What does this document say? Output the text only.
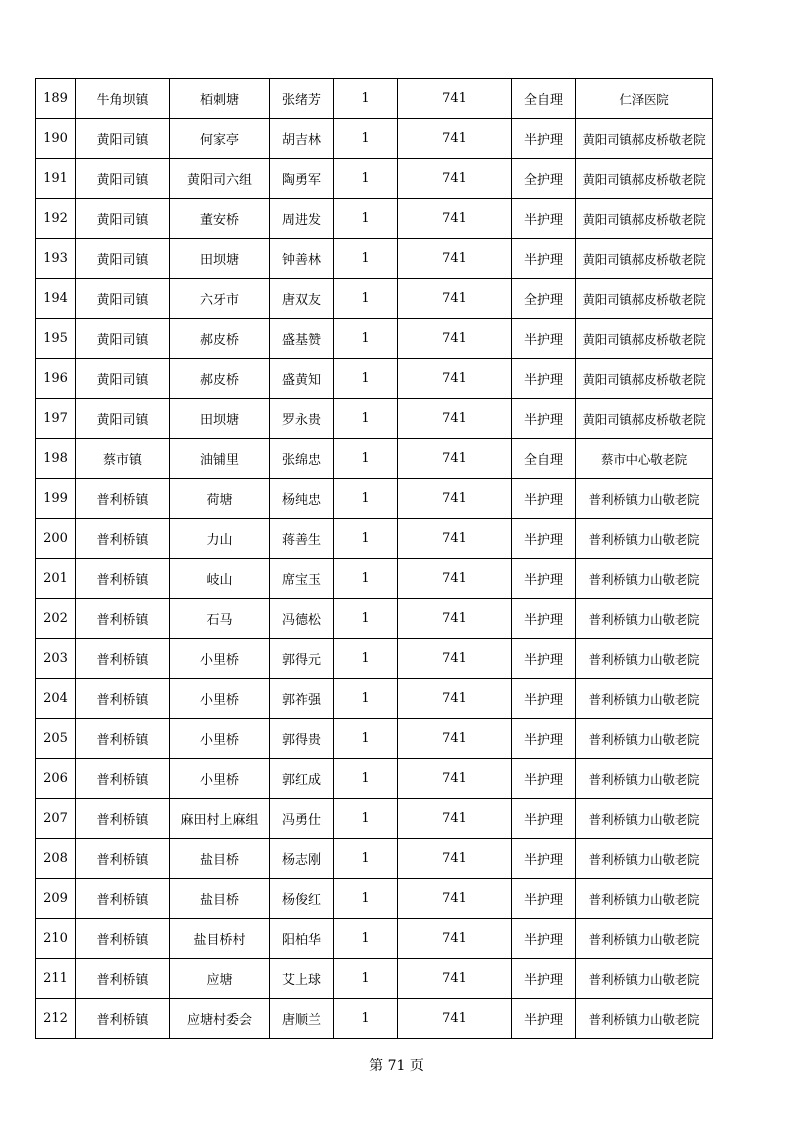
189	牛角坝镇	栢刺塘	张绪芳	1	741	全自理	仁泽医院
190	黄阳司镇	何家亭	胡吉林	1	741	半护理	黄阳司镇郝皮桥敬老院
191	黄阳司镇	黄阳司六组	陶勇军	1	741	全护理	黄阳司镇郝皮桥敬老院
192	黄阳司镇	董安桥	周进发	1	741	半护理	黄阳司镇郝皮桥敬老院
193	黄阳司镇	田坝塘	钟善林	1	741	半护理	黄阳司镇郝皮桥敬老院
194	黄阳司镇	六牙市	唐双友	1	741	全护理	黄阳司镇郝皮桥敬老院
195	黄阳司镇	郝皮桥	盛基赞	1	741	半护理	黄阳司镇郝皮桥敬老院
196	黄阳司镇	郝皮桥	盛黄知	1	741	半护理	黄阳司镇郝皮桥敬老院
197	黄阳司镇	田坝塘	罗永贵	1	741	半护理	黄阳司镇郝皮桥敬老院
198	蔡市镇	油铺里	张绵忠	1	741	全自理	蔡市中心敬老院
199	普利桥镇	荷塘	杨纯忠	1	741	半护理	普利桥镇力山敬老院
200	普利桥镇	力山	蒋善生	1	741	半护理	普利桥镇力山敬老院
201	普利桥镇	岐山	席宝玉	1	741	半护理	普利桥镇力山敬老院
202	普利桥镇	石马	冯德松	1	741	半护理	普利桥镇力山敬老院
203	普利桥镇	小里桥	郭得元	1	741	半护理	普利桥镇力山敬老院
204	普利桥镇	小里桥	郭祚强	1	741	半护理	普利桥镇力山敬老院
205	普利桥镇	小里桥	郭得贵	1	741	半护理	普利桥镇力山敬老院
206	普利桥镇	小里桥	郭红成	1	741	半护理	普利桥镇力山敬老院
207	普利桥镇	麻田村上麻组	冯勇仕	1	741	半护理	普利桥镇力山敬老院
208	普利桥镇	盐目桥	杨志刚	1	741	半护理	普利桥镇力山敬老院
209	普利桥镇	盐目桥	杨俊红	1	741	半护理	普利桥镇力山敬老院
210	普利桥镇	盐目桥村	阳柏华	1	741	半护理	普利桥镇力山敬老院
211	普利桥镇	应塘	艾上球	1	741	半护理	普利桥镇力山敬老院
212	普利桥镇	应塘村委会	唐顺兰	1	741	半护理	普利桥镇力山敬老院
第 71 页
